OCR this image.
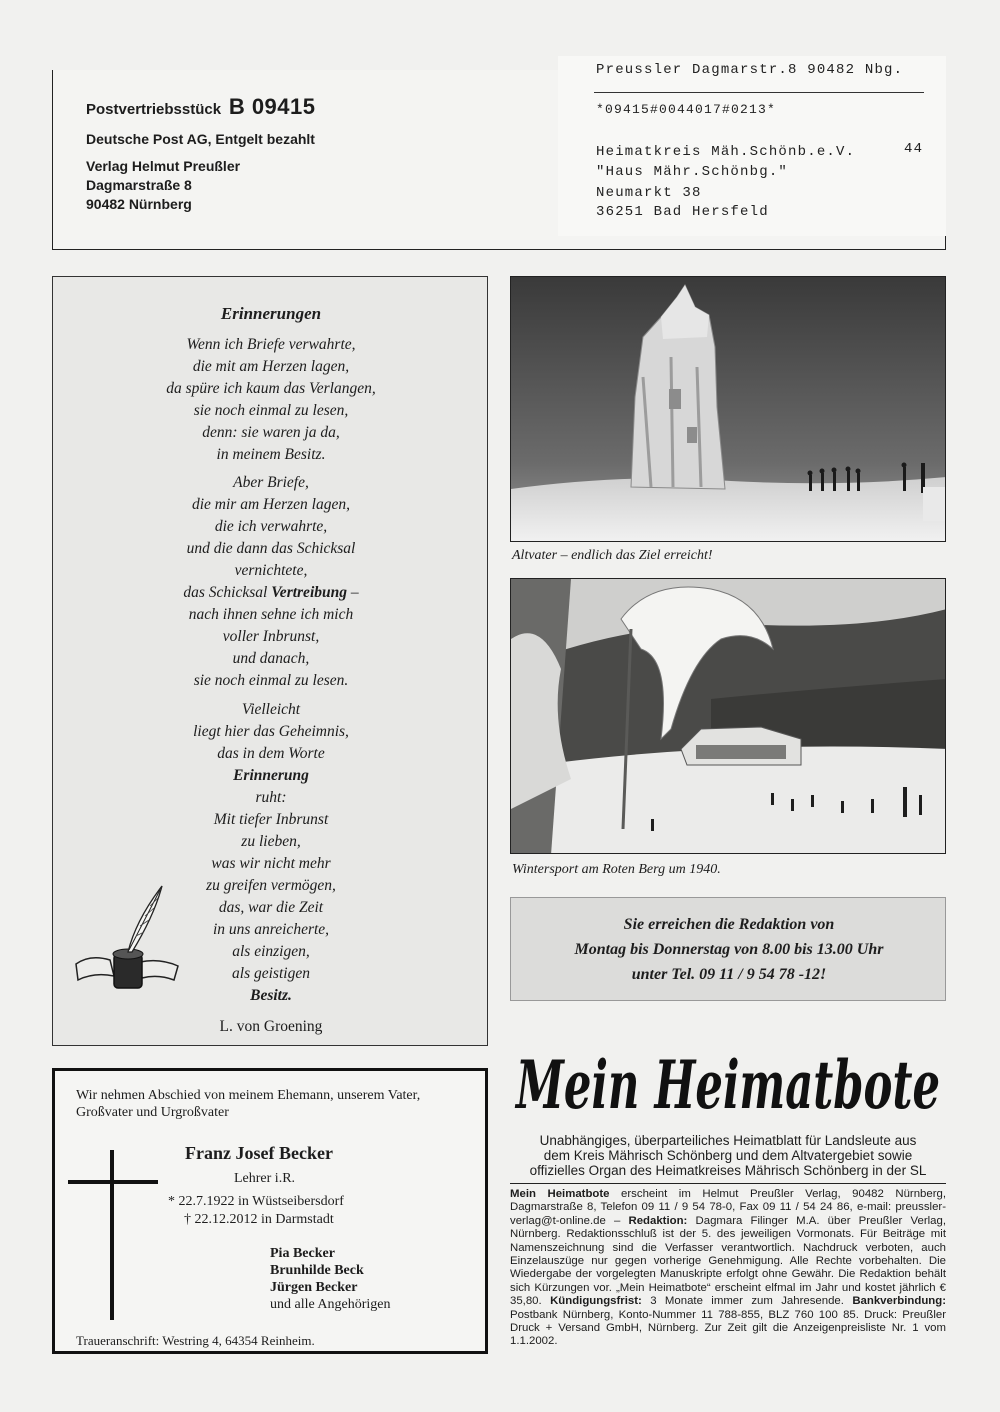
Postvertriebsstück B 09415
Deutsche Post AG, Entgelt bezahlt
Verlag Helmut Preußler
Dagmarstraße 8
90482 Nürnberg
Preussler Dagmarstr.8 90482 Nbg.
*09415#0044017#0213*
Heimatkreis Mäh.Schönb.e.V.	44
"Haus Mähr.Schönbg."
Neumarkt 38
36251 Bad Hersfeld
Erinnerungen
Wenn ich Briefe verwahrte,
die mit am Herzen lagen,
da spüre ich kaum das Verlangen,
sie noch einmal zu lesen,
denn: sie waren ja da,
in meinem Besitz.
Aber Briefe,
die mir am Herzen lagen,
die ich verwahrte,
und die dann das Schicksal
vernichtete,
das Schicksal Vertreibung –
nach ihnen sehne ich mich
voller Inbrunst,
und danach,
sie noch einmal zu lesen.
Vielleicht
liegt hier das Geheimnis,
das in dem Worte
Erinnerung
ruht:
Mit tiefer Inbrunst
zu lieben,
was wir nicht mehr
zu greifen vermögen,
das, war die Zeit
in uns anreicherte,
als einzigen,
als geistigen
Besitz.
L. von Groening
Altvater – endlich das Ziel erreicht!
Wintersport am Roten Berg um 1940.
Sie erreichen die Redaktion von
Montag bis Donnerstag von 8.00 bis 13.00 Uhr
unter Tel. 09 11 / 9 54 78 -12!
Mein Heimatbote
Unabhängiges, überparteiliches Heimatblatt für Landsleute aus
dem Kreis Mährisch Schönberg und dem Altvatergebiet sowie
offizielles Organ des Heimatkreises Mährisch Schönberg in der SL
Mein Heimatbote erscheint im Helmut Preußler Verlag, 90482 Nürnberg, Dagmarstraße 8, Telefon 09 11 / 9 54 78-0, Fax 09 11 / 54 24 86, e-mail: preussler-verlag@t-online.de – Redaktion: Dagmara Filinger M.A. über Preußler Verlag, Nürnberg. Redaktionsschluß ist der 5. des jeweiligen Vormonats. Für Beiträge mit Namenszeichnung sind die Verfasser verantwortlich. Nachdruck verboten, auch Einzelauszüge nur gegen vorherige Genehmigung. Alle Rechte vorbehalten. Die Wiedergabe der vorgelegten Manuskripte erfolgt ohne Gewähr. Die Redaktion behält sich Kürzungen vor. „Mein Heimatbote“ erscheint elfmal im Jahr und kostet jährlich € 35,80. Kündigungsfrist: 3 Monate immer zum Jahresende. Bankverbindung: Postbank Nürnberg, Konto-Nummer 11 788-855, BLZ 760 100 85. Druck: Preußler Druck + Versand GmbH, Nürnberg. Zur Zeit gilt die Anzeigenpreisliste Nr. 1 vom 1.1.2002.
Wir nehmen Abschied von meinem Ehemann, unserem Vater,
Großvater und Urgroßvater
Franz Josef Becker
Lehrer i.R.
* 22.7.1922 in Wüstseibersdorf
† 22.12.2012 in Darmstadt
Pia Becker
Brunhilde Beck
Jürgen Becker
und alle Angehörigen
Traueranschrift: Westring 4, 64354 Reinheim.
